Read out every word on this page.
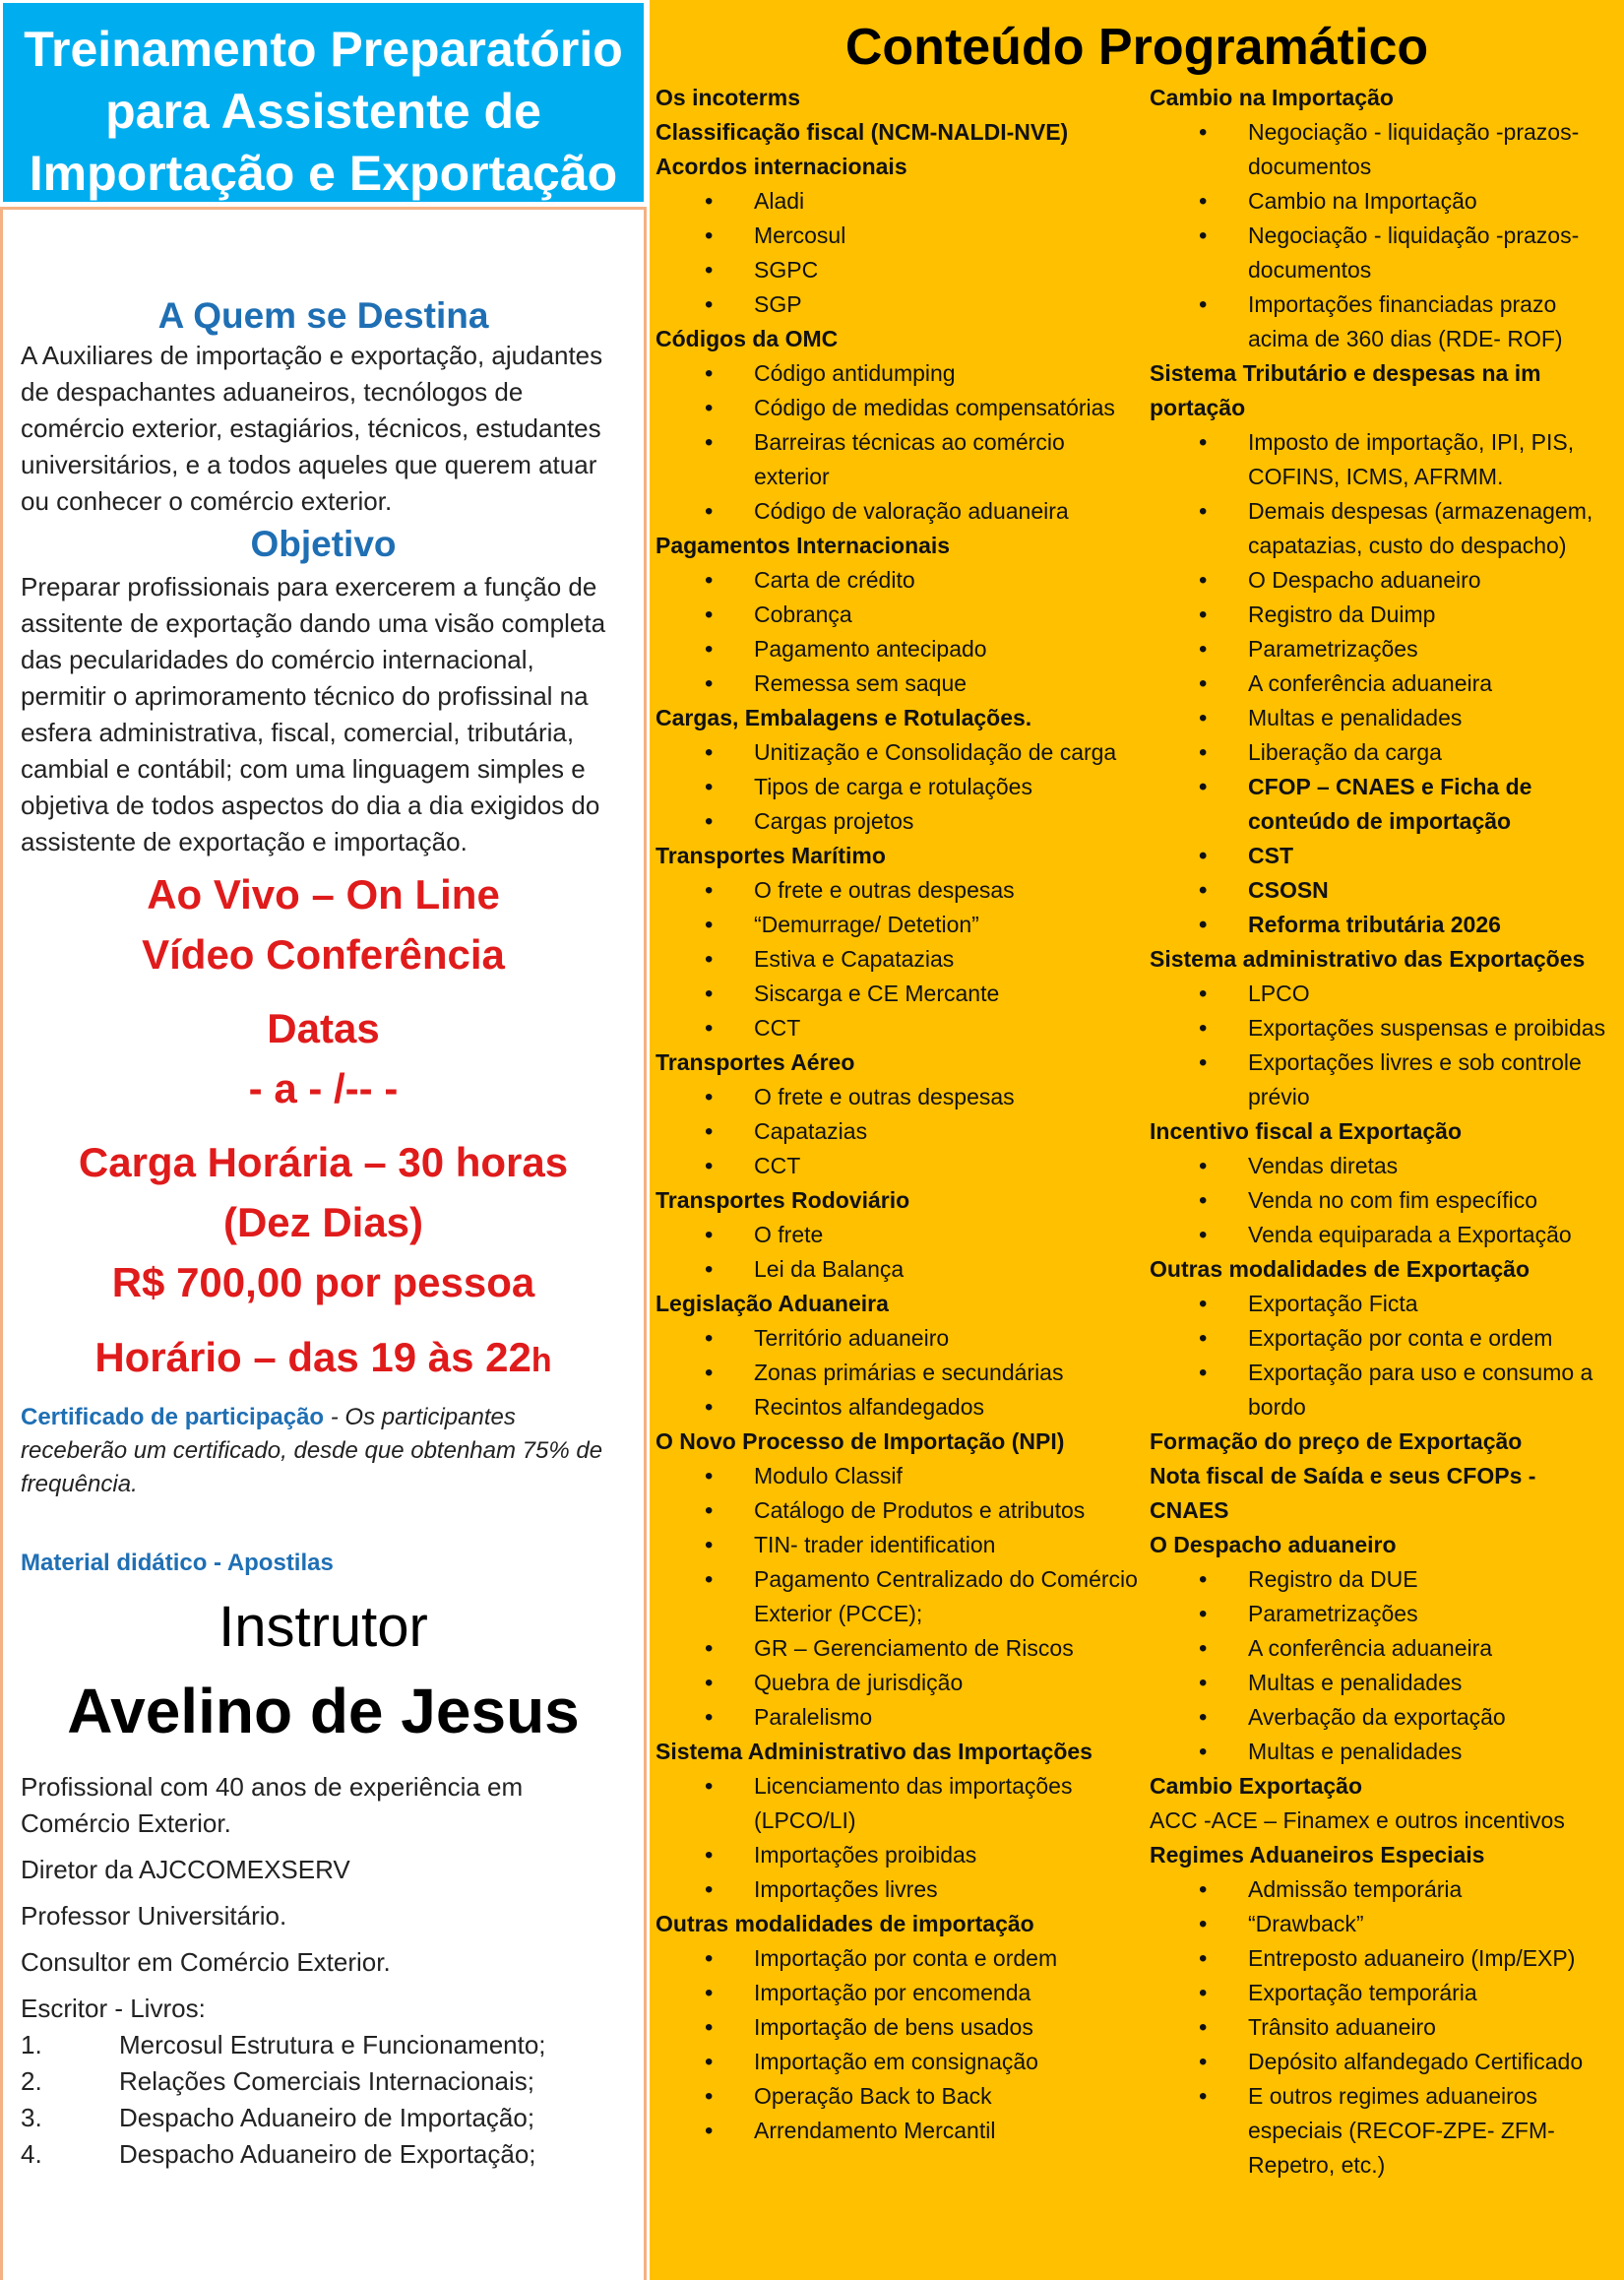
Treinamento Preparatório
para Assistente de
Importação e Exportação
A Quem se Destina

A Auxiliares de importação e exportação, ajudantes de despachantes aduaneiros, tecnólogos de comércio exterior, estagiários, técnicos, estudantes universitários, e a todos aqueles que querem atuar ou conhecer o comércio exterior.

Objetivo

Preparar profissionais para exercerem a função de assitente de exportação dando uma visão completa das pecularidades do comércio internacional, permitir o aprimoramento técnico do profissinal na esfera administrativa, fiscal, comercial, tributária, cambial e contábil; com uma linguagem simples e objetiva de todos aspectos do dia a dia exigidos do assistente de exportação e importação.

Ao Vivo – On Line
Vídeo Conferência
Datas
- a - /-- -
Carga Horária – 30 horas
(Dez Dias)
R$ 700,00 por pessoa
Horário – das 19 às 22h

Certificado de participação - Os participantes receberão um certificado, desde que obtenham 75% de frequência.

Material didático - Apostilas

Instrutor
Avelino de Jesus

Profissional com 40 anos de experiência em Comércio Exterior.

Diretor da AJCCOMEXSERV

Professor Universitário.

Consultor em Comércio Exterior.

Escritor - Livros:

1.	Mercosul Estrutura e Funcionamento;
2.	Relações Comerciais Internacionais;
3.	Despacho Aduaneiro de Importação;
4.	Despacho Aduaneiro de Exportação;
Conteúdo Programático

Os incoterms

Classificação fiscal (NCM-NALDI-NVE)

Acordos internacionais

• Aladi
• Mercosul
• SGPC
• SGP

Códigos da OMC

• Código antidumping
• Código de medidas compensatórias
• Barreiras técnicas ao comércio exterior
• Código de valoração aduaneira

Pagamentos Internacionais

• Carta de crédito
• Cobrança
• Pagamento antecipado
• Remessa sem saque

Cargas, Embalagens e Rotulações.

• Unitização e Consolidação de carga
• Tipos de carga e rotulações
• Cargas projetos

Transportes Marítimo

• O frete e outras despesas
• “Demurrage/ Detetion”
• Estiva e Capatazias
• Siscarga e CE Mercante
• CCT

Transportes Aéreo

• O frete e outras despesas
• Capatazias
• CCT

Transportes Rodoviário

• O frete
• Lei da Balança

Legislação Aduaneira

• Território aduaneiro
• Zonas primárias e secundárias
• Recintos alfandegados

O Novo Processo de Importação (NPI)

• Modulo Classif
• Catálogo de Produtos e atributos
• TIN- trader identification
• Pagamento Centralizado do Comércio Exterior (PCCE);
• GR – Gerenciamento de Riscos
• Quebra de jurisdição
• Paralelismo

Sistema Administrativo das Importações

• Licenciamento das importações (LPCO/LI)
• Importações proibidas
• Importações livres

Outras modalidades de importação

• Importação por conta e ordem
• Importação por encomenda
• Importação de bens usados
• Importação em consignação
• Operação Back to Back
• Arrendamento Mercantil

Cambio na Importação

• Negociação - liquidação -prazos-documentos
• Cambio na Importação
• Negociação - liquidação -prazos-documentos
• Importações financiadas prazo acima de 360 dias (RDE- ROF)

Sistema Tributário e despesas na im portação

• Imposto de importação, IPI, PIS, COFINS, ICMS, AFRMM.
• Demais despesas (armazenagem, capatazias, custo do despacho)
• O Despacho aduaneiro
• Registro da Duimp
• Parametrizações
• A conferência aduaneira
• Multas e penalidades
• Liberação da carga
• CFOP – CNAES e Ficha de conteúdo de importação
• CST
• CSOSN
• Reforma tributária 2026

Sistema administrativo das Exportações

• LPCO
• Exportações suspensas e proibidas
• Exportações livres e sob controle prévio

Incentivo fiscal a Exportação

• Vendas diretas
• Venda no com fim específico
• Venda equiparada a Exportação

Outras modalidades de Exportação

• Exportação Ficta
• Exportação por conta e ordem
• Exportação para uso e consumo a bordo

Formação do preço de Exportação

Nota fiscal de Saída e seus CFOPs - CNAES

O Despacho aduaneiro

• Registro da DUE
• Parametrizações
• A conferência aduaneira
• Multas e penalidades
• Averbação da exportação
• Multas e penalidades

Cambio Exportação

ACC -ACE – Finamex e outros incentivos

Regimes Aduaneiros Especiais

• Admissão temporária
• “Drawback”
• Entreposto aduaneiro (Imp/EXP)
• Exportação temporária
• Trânsito aduaneiro
• Depósito alfandegado Certificado
• E outros regimes aduaneiros especiais (RECOF-ZPE- ZFM-Repetro, etc.)
